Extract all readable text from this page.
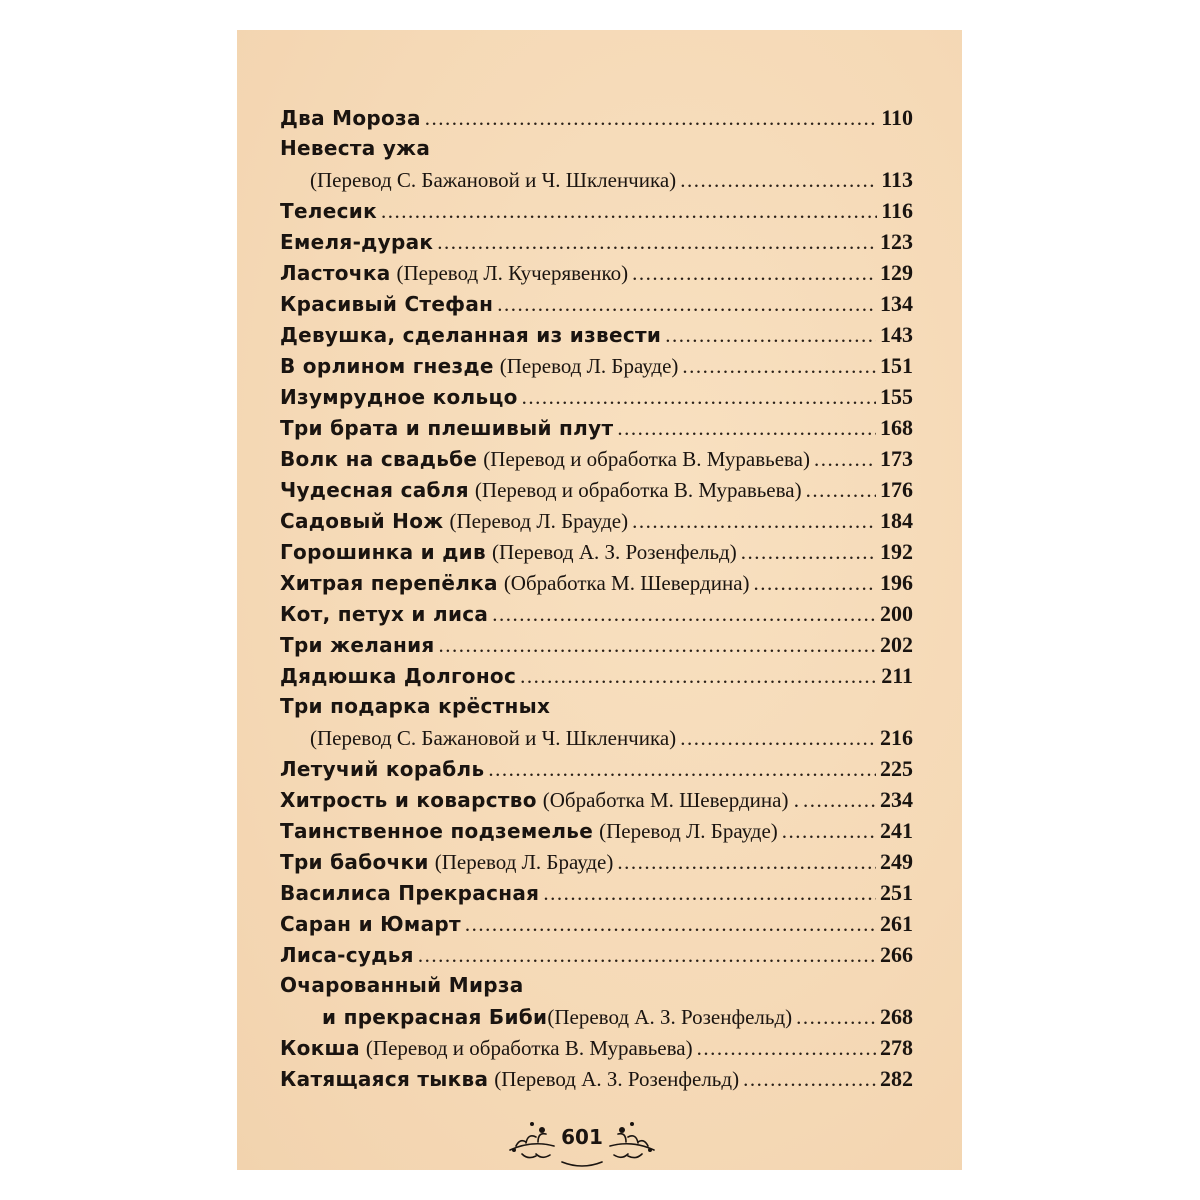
Два Мороза .....	110
Невеста ужа
(Перевод С. Бажановой и Ч. Шкленчика) .....	113
Телесик .....	116
Емеля-дурак .....	123
Ласточка (Перевод Л. Кучерявенко) .....	129
Красивый Стефан .....	134
Девушка, сделанная из извести .....	143
В орлином гнезде (Перевод Л. Брауде) .....	151
Изумрудное кольцо .....	155
Три брата и плешивый плут .....	168
Волк на свадьбе (Перевод и обработка В. Муравьева) .....	173
Чудесная сабля (Перевод и обработка В. Муравьева) .....	176
Садовый Нож (Перевод Л. Брауде) .....	184
Горошинка и див (Перевод А. З. Розенфельд) .....	192
Хитрая перепёлка (Обработка М. Шевердина) .....	196
Кот, петух и лиса .....	200
Три желания .....	202
Дядюшка Долгонос .....	211
Три подарка крёстных
(Перевод С. Бажановой и Ч. Шкленчика) .....	216
Летучий корабль .....	225
Хитрость и коварство (Обработка М. Шевердина) . .....	234
Таинственное подземелье (Перевод Л. Брауде) .....	241
Три бабочки (Перевод Л. Брауде) .....	249
Василиса Прекрасная .....	251
Саран и Юмарт .....	261
Лиса-судья .....	266
Очарованный Мирза
и прекрасная Биби (Перевод А. З. Розенфельд) .....	268
Кокша (Перевод и обработка В. Муравьева) .....	278
Катящаяся тыква (Перевод А. З. Розенфельд) .....	282
601
